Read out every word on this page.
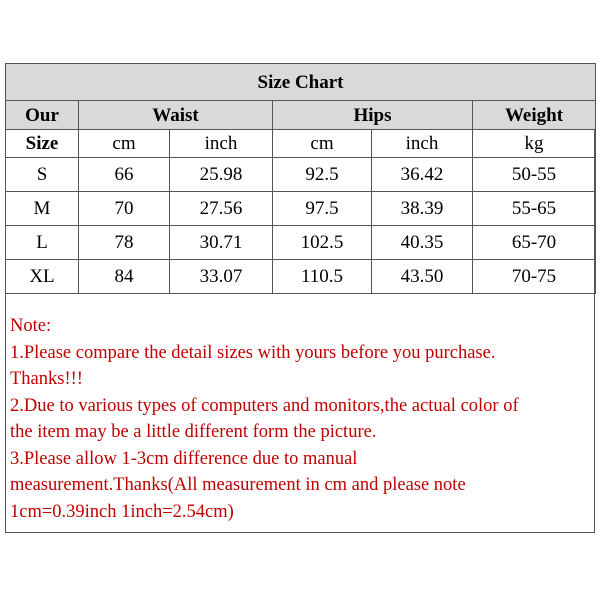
Size Chart					
Our	Waist		Hips		Weight
Size	cm	inch	cm	inch	kg
S	66	25.98	92.5	36.42	50-55
M	70	27.56	97.5	38.39	55-65
L	78	30.71	102.5	40.35	65-70
XL	84	33.07	110.5	43.50	70-75
Note:
1.Please compare the detail sizes with yours before you purchase.
Thanks!!!
2.Due to various types of computers and monitors,the actual color of
the item may be a little different form the picture.
3.Please allow 1-3cm difference due to manual
measurement.Thanks(All measurement in cm and please note
1cm=0.39inch 1inch=2.54cm)
